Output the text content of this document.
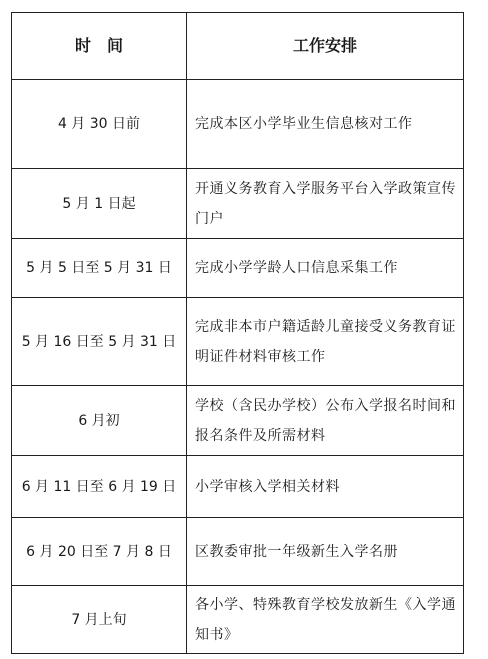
时　间	工作安排
4 月 30 日前	完成本区小学毕业生信息核对工作
5 月 1 日起	开通义务教育入学服务平台入学政策宣传门户
5 月 5 日至 5 月 31 日	完成小学学龄人口信息采集工作
5 月 16 日至 5 月 31 日	完成非本市户籍适龄儿童接受义务教育证明证件材料审核工作
6 月初	学校（含民办学校）公布入学报名时间和报名条件及所需材料
6 月 11 日至 6 月 19 日	小学审核入学相关材料
6 月 20 日至 7 月 8 日	区教委审批一年级新生入学名册
7 月上旬	各小学、特殊教育学校发放新生《入学通知书》
